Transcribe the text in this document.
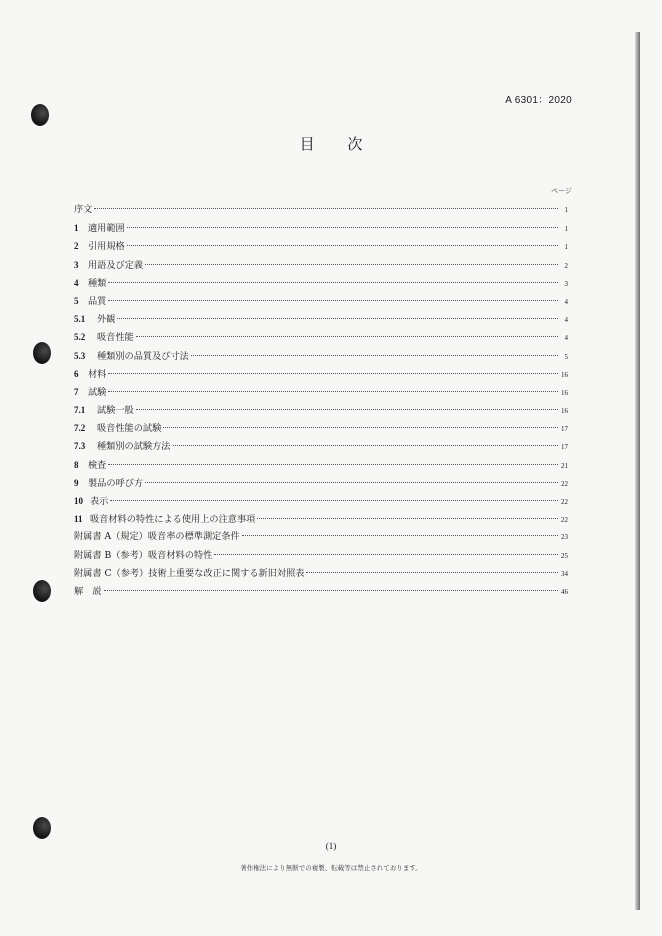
A 6301：2020
目 次
ページ
序文	1
1	適用範囲	1
2	引用規格	1
3	用語及び定義	2
4	種類	3
5	品質	4
5.1	外観	4
5.2	吸音性能	4
5.3	種類別の品質及び寸法	5
6	材料	16
7	試験	16
7.1	試験一般	16
7.2	吸音性能の試験	17
7.3	種類別の試験方法	17
8	検査	21
9	製品の呼び方	22
10 表示	22
11 吸音材料の特性による使用上の注意事項	22
附属書 A（規定）吸音率の標準測定条件	23
附属書 B（参考）吸音材料の特性	25
附属書 C（参考）技術上重要な改正に関する新旧対照表	34
解　説	46
(1)
著作権法により無断での複製、転載等は禁止されております。
